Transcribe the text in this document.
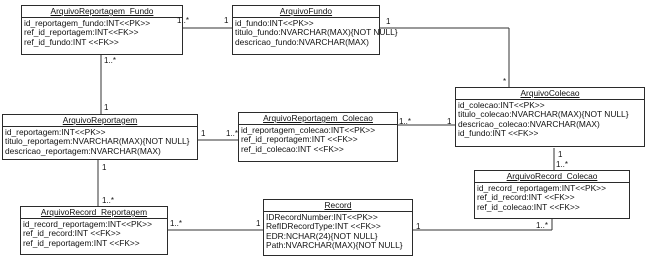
ArquivoReportagem_Fundo
id_reportagem_fundo:INT<<PK>>
ref_id_reportagem:INT<<FK>>
ref_id_fundo:INT <<FK>>
ArquivoFundo
id_fundo:INT<<PK>>
titulo_fundo:NVARCHAR(MAX){NOT NULL}
descricao_fundo:NVARCHAR(MAX)
ArquivoColecao
id_colecao:INT<<PK>>
titulo_colecao:NVARCHAR(MAX){NOT NULL}
descricao_colecao:NVARCHAR(MAX)
id_fundo:INT <<FK>>
ArquivoReportagem
id_reportagem:INT<<PK>>
titulo_reportagem:NVARCHAR(MAX){NOT NULL}
descricao_reportagem:NVARCHAR(MAX)
ArquivoReportagem_Colecao
id_reportagem_colecao:INT<<PK>>
ref_id_reportagem:INT <<FK>>
ref_id_colecao:INT <<FK>>
ArquivoRecord_Colecao
id_record_reportagem:INT<<PK>>
ref_id_record:INT <<FK>>
ref_id_colecao:INT <<FK>>
ArquivoRecord_Reportagem
id_record_reportagem:INT<<PK>>
ref_id_record:INT <<FK>>
ref_id_reportagem:INT <<FK>>
Record
IDRecordNumber:INT<<PK>>
RefIDRecordType:INT <<FK>>
EDR:NCHAR(24){NOT NULL}
Path:NVARCHAR(MAX){NOT NULL}
1..*	1
1..*
1
1
*
1	1..*
1..*	1
1
1..*
1
1..*
1..*	1	1	1..*
